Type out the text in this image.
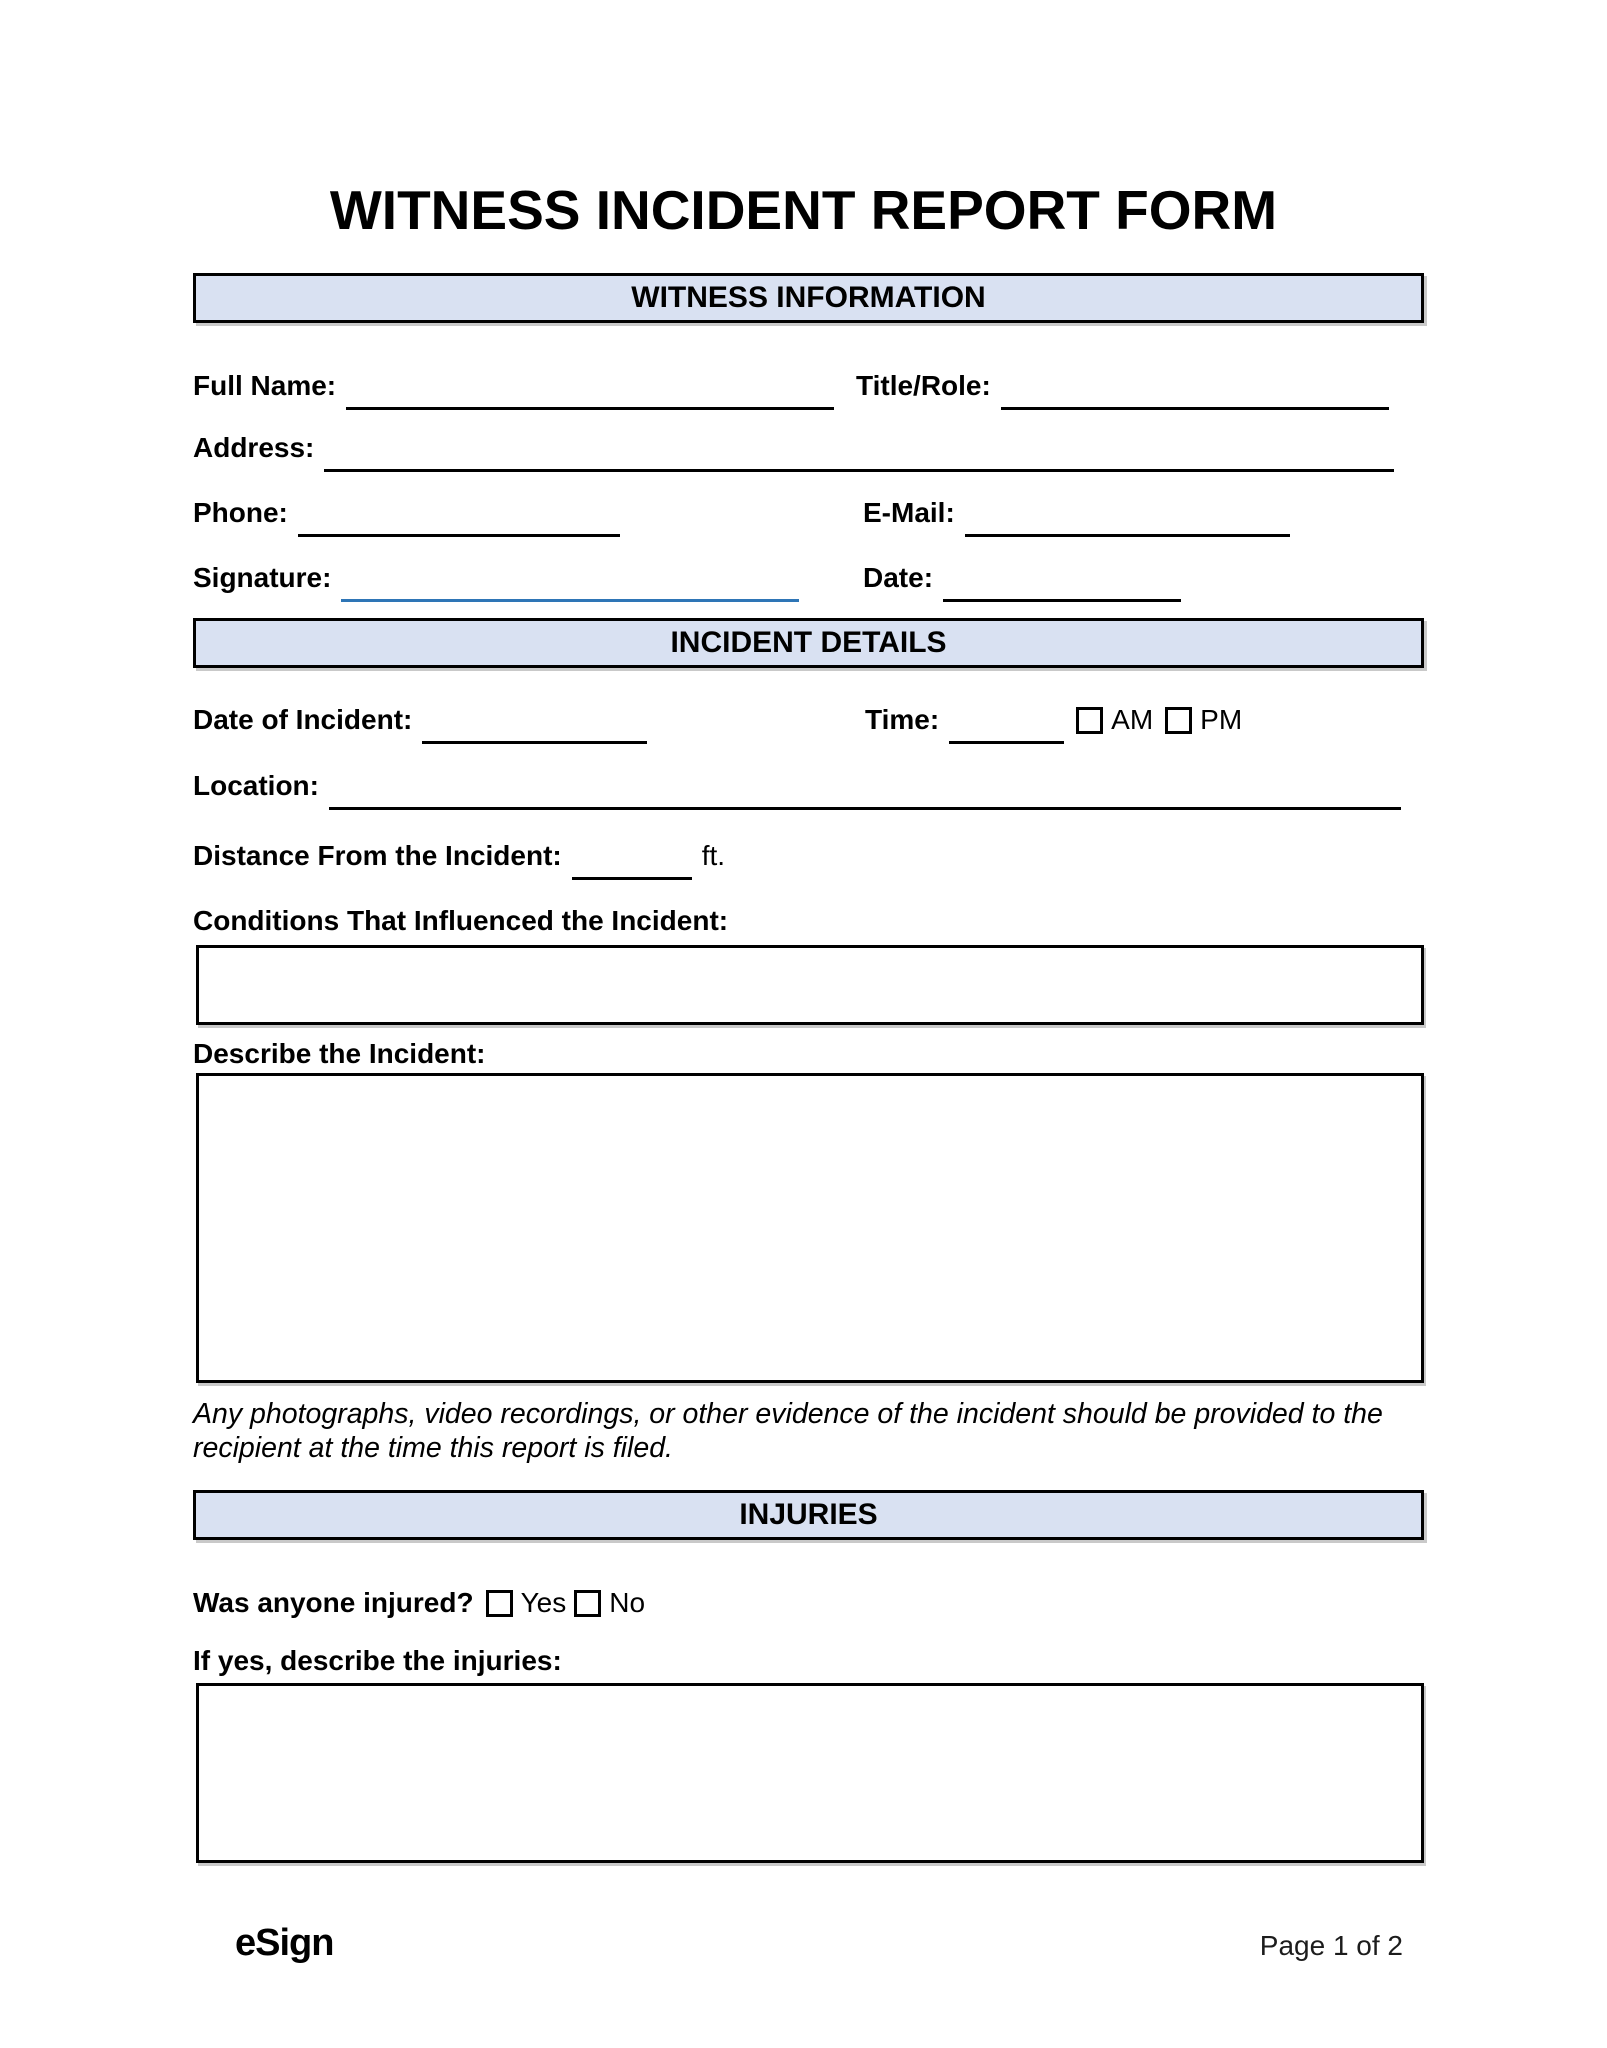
WITNESS INCIDENT REPORT FORM
WITNESS INFORMATION
Full Name:	Title/Role:
Address:
Phone:	E-Mail:
Signature:	Date:
INCIDENT DETAILS
Date of Incident:	Time:	AM PM
Location:
Distance From the Incident:	ft.
Conditions That Influenced the Incident:
Describe the Incident:
Any photographs, video recordings, or other evidence of the incident should be provided to the recipient at the time this report is filed.
INJURIES
Was anyone injured? Yes No
If yes, describe the injuries:
eSign	Page 1 of 2
